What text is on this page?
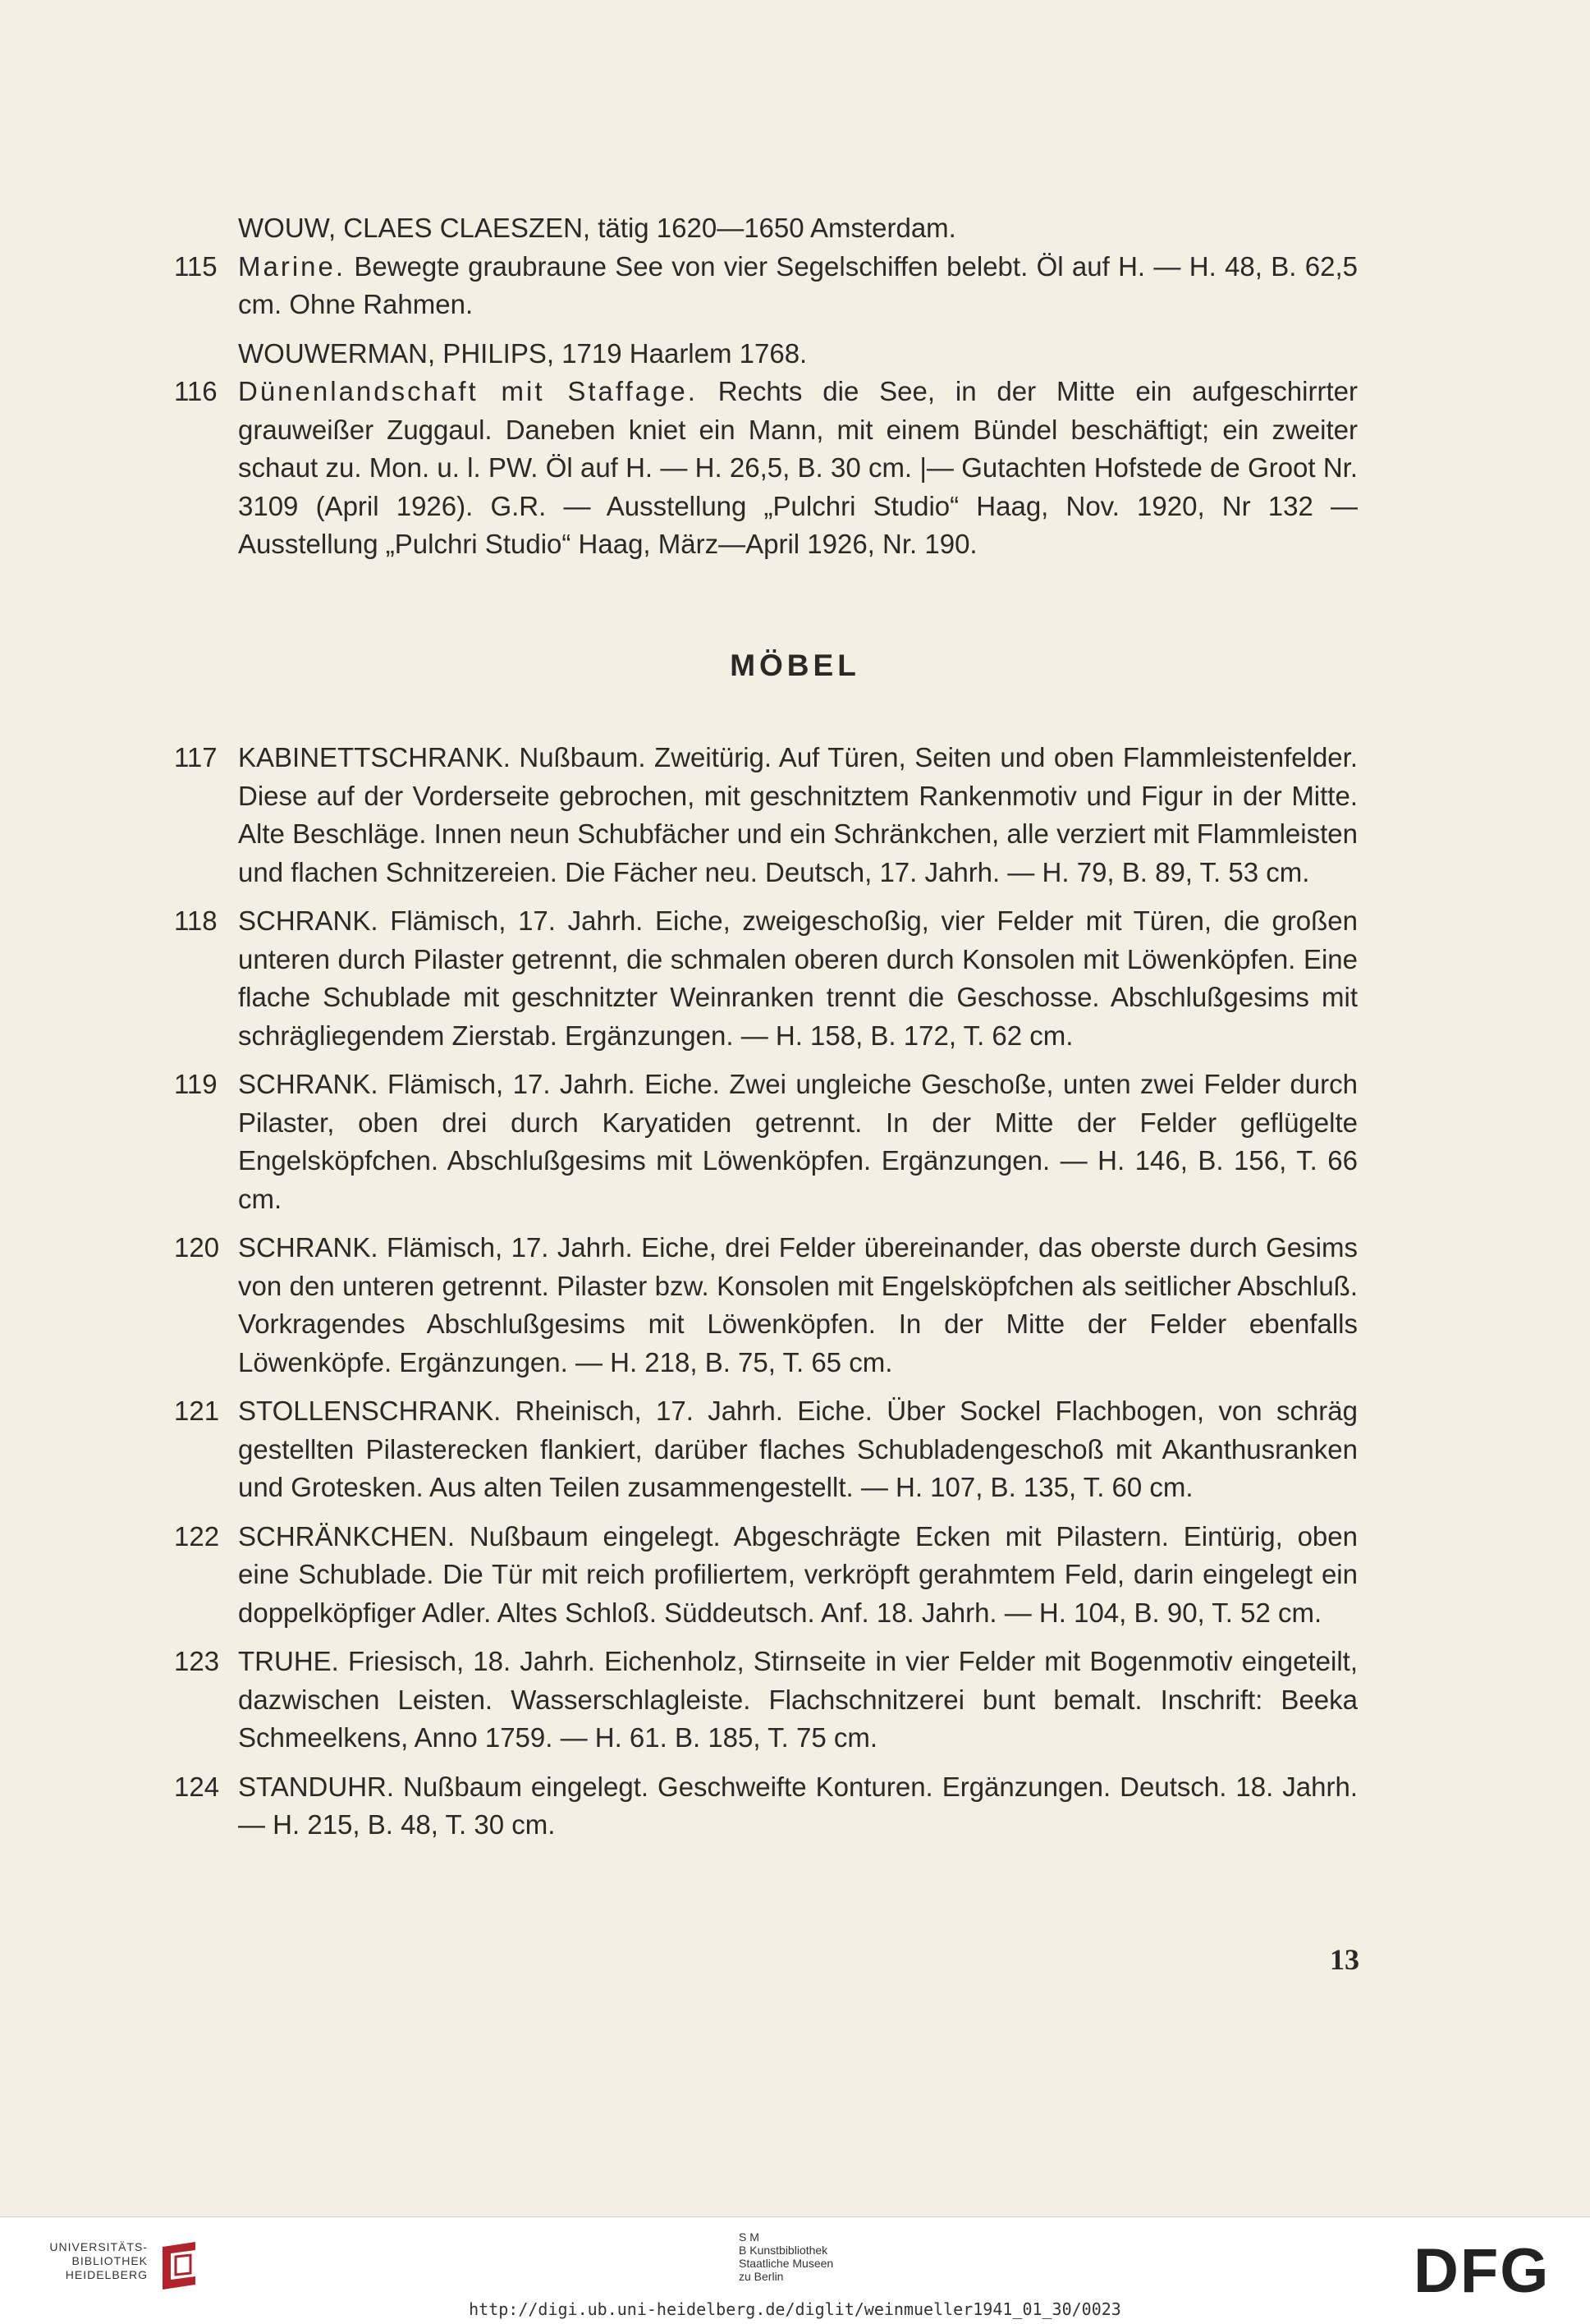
WOUW, CLAES CLAESZEN, tätig 1620—1650 Amsterdam.

115 Marine. Bewegte graubraune See von vier Segelschiffen belebt. Öl auf H. — H. 48, B. 62,5 cm. Ohne Rahmen.

WOUWERMAN, PHILIPS, 1719 Haarlem 1768.

116 Dünenlandschaft mit Staffage. Rechts die See, in der Mitte ein aufgeschirrter grauweißer Zuggaul. Daneben kniet ein Mann, mit einem Bündel beschäftigt; ein zweiter schaut zu. Mon. u. l. PW. Öl auf H. — H. 26,5, B. 30 cm. |— Gutachten Hofstede de Groot Nr. 3109 (April 1926). G.R. — Ausstellung „Pulchri Studio“ Haag, Nov. 1920, Nr 132 — Ausstellung „Pulchri Studio“ Haag, März—April 1926, Nr. 190.

MÖBEL

117 KABINETTSCHRANK. Nußbaum. Zweitürig. Auf Türen, Seiten und oben Flammleistenfelder. Diese auf der Vorderseite gebrochen, mit geschnitztem Rankenmotiv und Figur in der Mitte. Alte Beschläge. Innen neun Schubfächer und ein Schränkchen, alle verziert mit Flammleisten und flachen Schnitzereien. Die Fächer neu. Deutsch, 17. Jahrh. — H. 79, B. 89, T. 53 cm.

118 SCHRANK. Flämisch, 17. Jahrh. Eiche, zweigeschoßig, vier Felder mit Türen, die großen unteren durch Pilaster getrennt, die schmalen oberen durch Konsolen mit Löwenköpfen. Eine flache Schublade mit geschnitzter Weinranken trennt die Geschosse. Abschlußgesims mit schrägliegendem Zierstab. Ergänzungen. — H. 158, B. 172, T. 62 cm.

119 SCHRANK. Flämisch, 17. Jahrh. Eiche. Zwei ungleiche Geschoße, unten zwei Felder durch Pilaster, oben drei durch Karyatiden getrennt. In der Mitte der Felder geflügelte Engelsköpfchen. Abschlußgesims mit Löwenköpfen. Ergänzungen. — H. 146, B. 156, T. 66 cm.

120 SCHRANK. Flämisch, 17. Jahrh. Eiche, drei Felder übereinander, das oberste durch Gesims von den unteren getrennt. Pilaster bzw. Konsolen mit Engelsköpfchen als seitlicher Abschluß. Vorkragendes Abschlußgesims mit Löwenköpfen. In der Mitte der Felder ebenfalls Löwenköpfe. Ergänzungen. — H. 218, B. 75, T. 65 cm.

121 STOLLENSCHRANK. Rheinisch, 17. Jahrh. Eiche. Über Sockel Flachbogen, von schräg gestellten Pilasterecken flankiert, darüber flaches Schubladengeschoß mit Akanthusranken und Grotesken. Aus alten Teilen zusammengestellt. — H. 107, B. 135, T. 60 cm.

122 SCHRÄNKCHEN. Nußbaum eingelegt. Abgeschrägte Ecken mit Pilastern. Eintürig, oben eine Schublade. Die Tür mit reich profiliertem, verkröpft gerahmtem Feld, darin eingelegt ein doppelköpfiger Adler. Altes Schloß. Süddeutsch. Anf. 18. Jahrh. — H. 104, B. 90, T. 52 cm.

123 TRUHE. Friesisch, 18. Jahrh. Eichenholz, Stirnseite in vier Felder mit Bogenmotiv eingeteilt, dazwischen Leisten. Wasserschlagleiste. Flachschnitzerei bunt bemalt. Inschrift: Beeka Schmeelkens, Anno 1759. — H. 61. B. 185, T. 75 cm.

124 STANDUHR. Nußbaum eingelegt. Geschweifte Konturen. Ergänzungen. Deutsch. 18. Jahrh. — H. 215, B. 48, T. 30 cm.

13
UNIVERSITÄTS-
BIBLIOTHEK
HEIDELBERG
S M
B Kunstbibliothek
Staatliche Museen
zu Berlin	DFG
http://digi.ub.uni-heidelberg.de/diglit/weinmueller1941_01_30/0023
